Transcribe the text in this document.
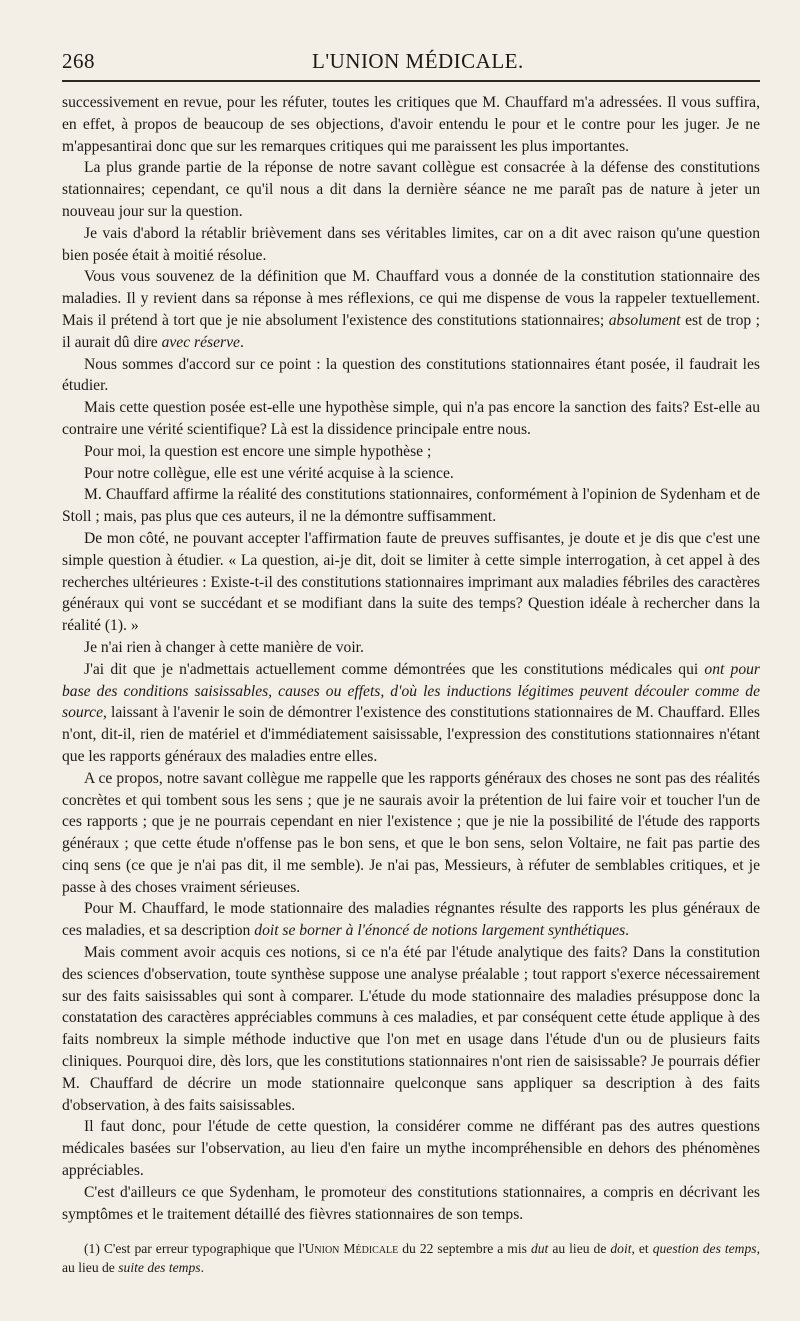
268	L'UNION MÉDICALE.

successivement en revue, pour les réfuter, toutes les critiques que M. Chauffard m'a adressées. Il vous suffira, en effet, à propos de beaucoup de ses objections, d'avoir entendu le pour et le contre pour les juger. Je ne m'appesantirai donc que sur les remarques critiques qui me paraissent les plus importantes.

La plus grande partie de la réponse de notre savant collègue est consacrée à la défense des constitutions stationnaires; cependant, ce qu'il nous a dit dans la dernière séance ne me paraît pas de nature à jeter un nouveau jour sur la question.

Je vais d'abord la rétablir brièvement dans ses véritables limites, car on a dit avec raison qu'une question bien posée était à moitié résolue.

Vous vous souvenez de la définition que M. Chauffard vous a donnée de la constitution stationnaire des maladies. Il y revient dans sa réponse à mes réflexions, ce qui me dispense de vous la rappeler textuellement. Mais il prétend à tort que je nie absolument l'existence des constitutions stationnaires; absolument est de trop ; il aurait dû dire avec réserve.

Nous sommes d'accord sur ce point : la question des constitutions stationnaires étant posée, il faudrait les étudier.

Mais cette question posée est-elle une hypothèse simple, qui n'a pas encore la sanction des faits? Est-elle au contraire une vérité scientifique? Là est la dissidence principale entre nous.

Pour moi, la question est encore une simple hypothèse ;

Pour notre collègue, elle est une vérité acquise à la science.

M. Chauffard affirme la réalité des constitutions stationnaires, conformément à l'opinion de Sydenham et de Stoll ; mais, pas plus que ces auteurs, il ne la démontre suffisamment.

De mon côté, ne pouvant accepter l'affirmation faute de preuves suffisantes, je doute et je dis que c'est une simple question à étudier. « La question, ai-je dit, doit se limiter à cette simple interrogation, à cet appel à des recherches ultérieures : Existe-t-il des constitutions stationnaires imprimant aux maladies fébriles des caractères généraux qui vont se succédant et se modifiant dans la suite des temps? Question idéale à rechercher dans la réalité (1). »

Je n'ai rien à changer à cette manière de voir.

J'ai dit que je n'admettais actuellement comme démontrées que les constitutions médicales qui ont pour base des conditions saisissables, causes ou effets, d'où les inductions légitimes peuvent découler comme de source, laissant à l'avenir le soin de démontrer l'existence des constitutions stationnaires de M. Chauffard. Elles n'ont, dit-il, rien de matériel et d'immédiatement saisissable, l'expression des constitutions stationnaires n'étant que les rapports généraux des maladies entre elles.

A ce propos, notre savant collègue me rappelle que les rapports généraux des choses ne sont pas des réalités concrètes et qui tombent sous les sens ; que je ne saurais avoir la prétention de lui faire voir et toucher l'un de ces rapports ; que je ne pourrais cependant en nier l'existence ; que je nie la possibilité de l'étude des rapports généraux ; que cette étude n'offense pas le bon sens, et que le bon sens, selon Voltaire, ne fait pas partie des cinq sens (ce que je n'ai pas dit, il me semble). Je n'ai pas, Messieurs, à réfuter de semblables critiques, et je passe à des choses vraiment sérieuses.

Pour M. Chauffard, le mode stationnaire des maladies régnantes résulte des rapports les plus généraux de ces maladies, et sa description doit se borner à l'énoncé de notions largement synthétiques.

Mais comment avoir acquis ces notions, si ce n'a été par l'étude analytique des faits? Dans la constitution des sciences d'observation, toute synthèse suppose une analyse préalable ; tout rapport s'exerce nécessairement sur des faits saisissables qui sont à comparer. L'étude du mode stationnaire des maladies présuppose donc la constatation des caractères appréciables communs à ces maladies, et par conséquent cette étude applique à des faits nombreux la simple méthode inductive que l'on met en usage dans l'étude d'un ou de plusieurs faits cliniques. Pourquoi dire, dès lors, que les constitutions stationnaires n'ont rien de saisissable? Je pourrais défier M. Chauffard de décrire un mode stationnaire quelconque sans appliquer sa description à des faits d'observation, à des faits saisissables.

Il faut donc, pour l'étude de cette question, la considérer comme ne différant pas des autres questions médicales basées sur l'observation, au lieu d'en faire un mythe incompréhensible en dehors des phénomènes appréciables.

C'est d'ailleurs ce que Sydenham, le promoteur des constitutions stationnaires, a compris en décrivant les symptômes et le traitement détaillé des fièvres stationnaires de son temps.

(1) C'est par erreur typographique que l'Union Médicale du 22 septembre a mis dut au lieu de doit, et question des temps, au lieu de suite des temps.
